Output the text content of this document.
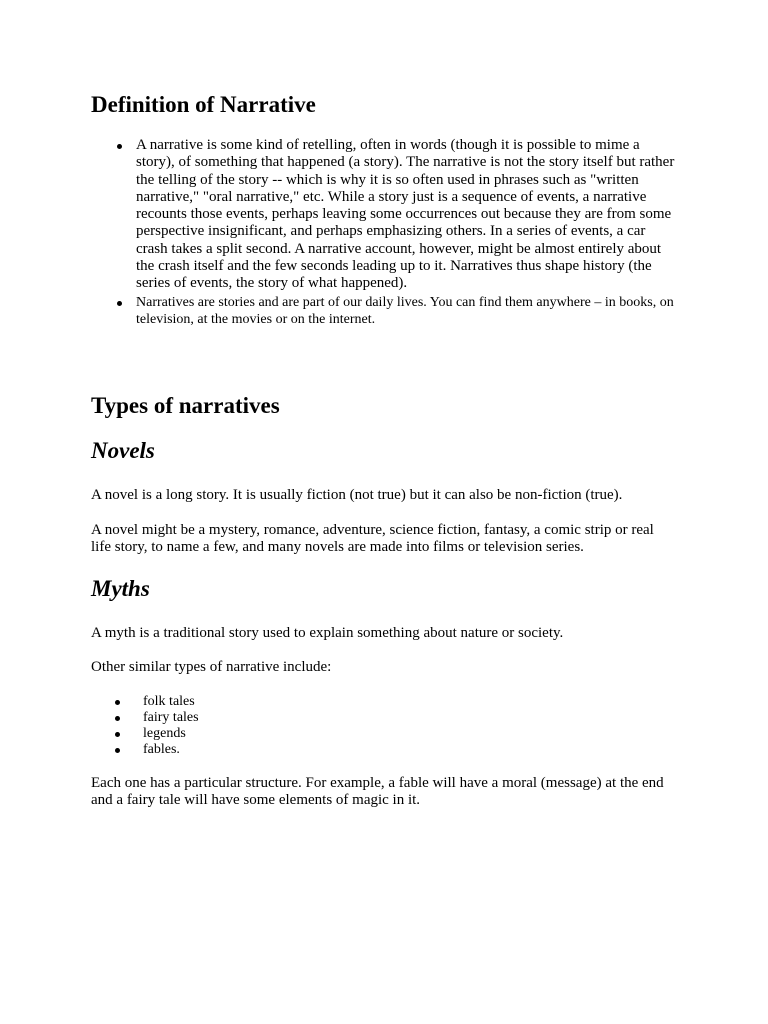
Definition of Narrative
A narrative is some kind of retelling, often in words (though it is possible to mime a
story), of something that happened (a story). The narrative is not the story itself but rather
the telling of the story -- which is why it is so often used in phrases such as "written
narrative," "oral narrative," etc. While a story just is a sequence of events, a narrative
recounts those events, perhaps leaving some occurrences out because they are from some
perspective insignificant, and perhaps emphasizing others. In a series of events, a car
crash takes a split second. A narrative account, however, might be almost entirely about
the crash itself and the few seconds leading up to it. Narratives thus shape history (the
series of events, the story of what happened).
Narratives are stories and are part of our daily lives. You can find them anywhere – in books, on
television, at the movies or on the internet.
Types of narratives
Novels

A novel is a long story. It is usually fiction (not true) but it can also be non-fiction (true).

A novel might be a mystery, romance, adventure, science fiction, fantasy, a comic strip or real
life story, to name a few, and many novels are made into films or television series.

Myths

A myth is a traditional story used to explain something about nature or society.

Other similar types of narrative include:

folk tales
fairy tales
legends
fables.

Each one has a particular structure. For example, a fable will have a moral (message) at the end
and a fairy tale will have some elements of magic in it.
